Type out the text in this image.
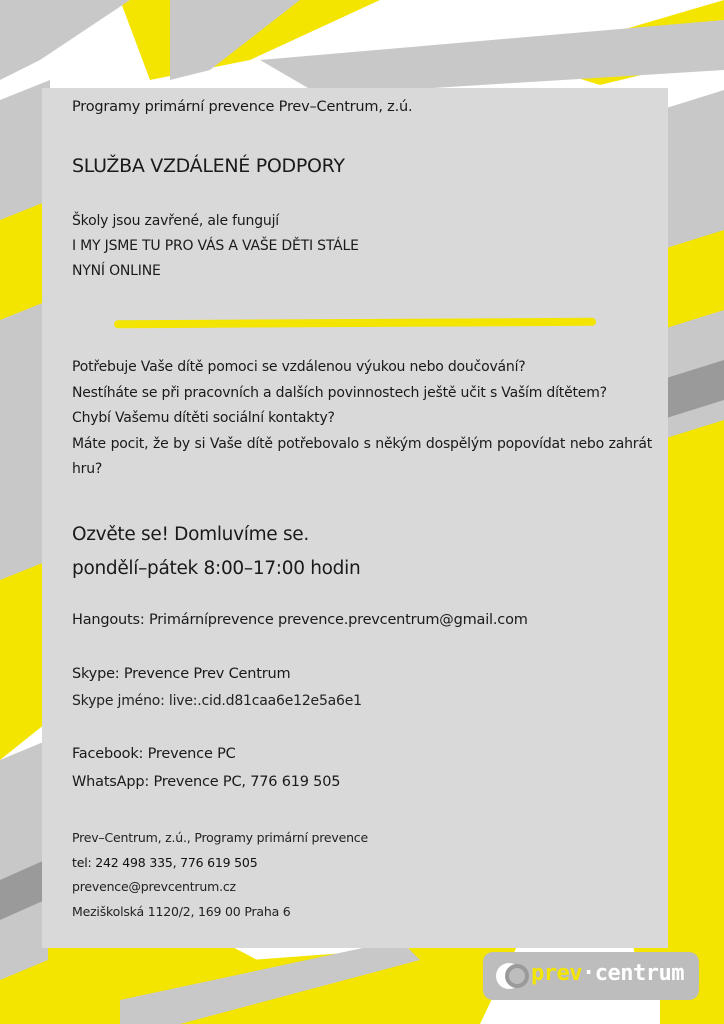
Programy primární prevence Prev–Centrum, z.ú.
SLUŽBA VZDÁLENÉ PODPORY
Školy jsou zavřené, ale fungují
I MY JSME TU PRO VÁS A VAŠE DĚTI STÁLE
NYNÍ ONLINE
Potřebuje Vaše dítě pomoci se vzdálenou výukou nebo doučování?
Nestíháte se při pracovních a dalších povinnostech ještě učit s Vaším dítětem?
Chybí Vašemu dítěti sociální kontakty?
Máte pocit, že by si Vaše dítě potřebovalo s někým dospělým popovídat nebo zahrát hru?
Ozvěte se! Domluvíme se.
pondělí–pátek 8:00–17:00 hodin
Hangouts: Primárníprevence prevence.prevcentrum@gmail.com
Skype: Prevence Prev Centrum
Skype jméno: live:.cid.d81caa6e12e5a6e1
Facebook: Prevence PC
WhatsApp: Prevence PC, 776 619 505
Prev–Centrum, z.ú., Programy primární prevence
tel: 242 498 335, 776 619 505
prevence@prevcentrum.cz
Meziškolská 1120/2, 169 00 Praha 6
prev·centrum
